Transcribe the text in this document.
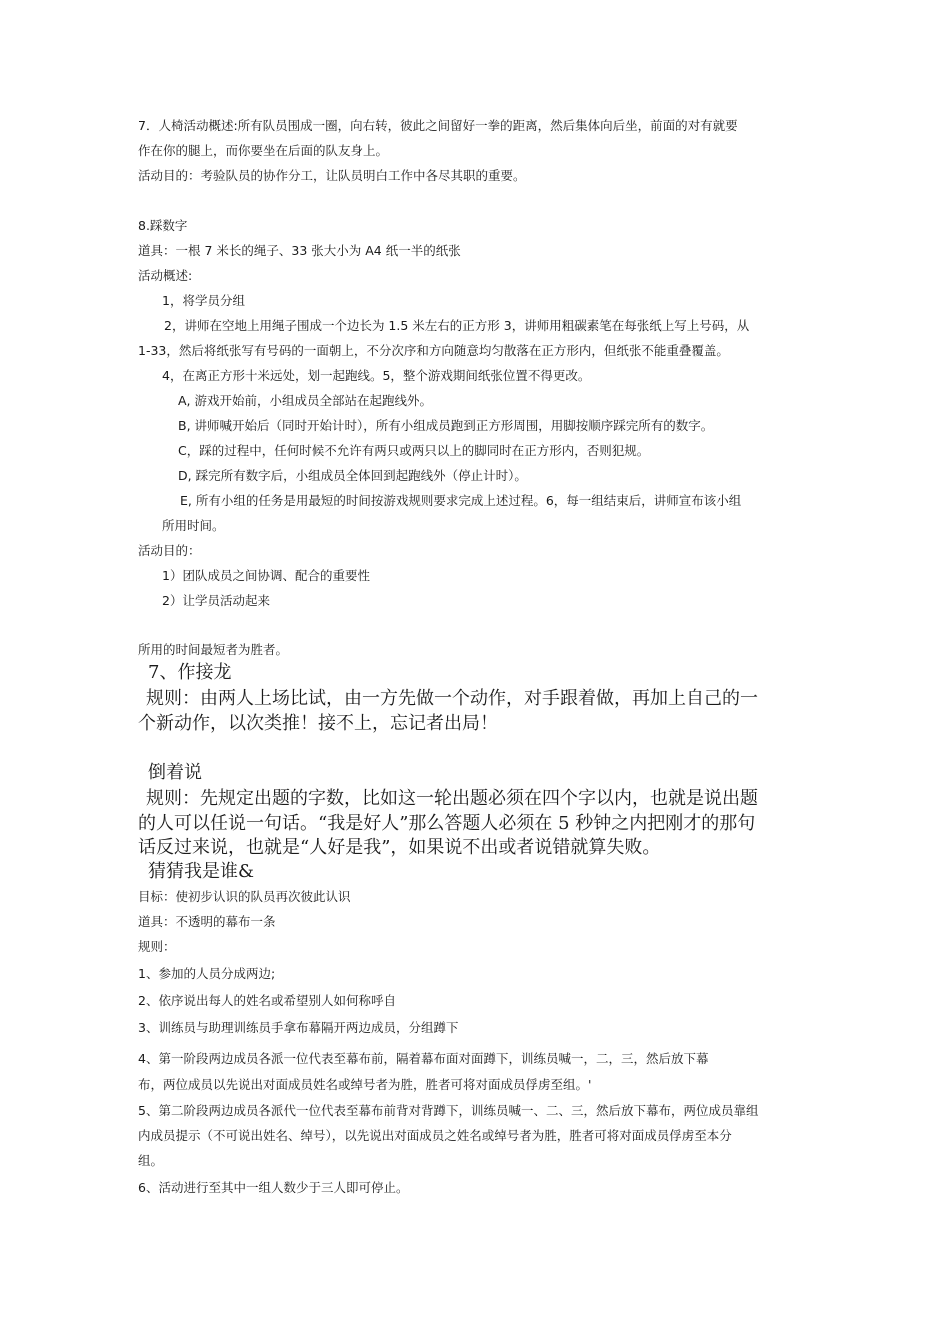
7．人椅活动概述:所有队员围成一圈，向右转，彼此之间留好一拳的距离，然后集体向后坐，前面的对有就要
作在你的腿上，而你要坐在后面的队友身上。
活动目的：考验队员的协作分工，让队员明白工作中各尽其职的重要。
8.踩数字
道具：一根 7 米长的绳子、33 张大小为 A4 纸一半的纸张
活动概述:
1，将学员分组
2，讲师在空地上用绳子围成一个边长为 1.5 米左右的正方形 3，讲师用粗碳素笔在每张纸上写上号码，从
1-33，然后将纸张写有号码的一面朝上，不分次序和方向随意均匀散落在正方形内，但纸张不能重叠覆盖。
4，在离正方形十米远处，划一起跑线。5，整个游戏期间纸张位置不得更改。
A, 游戏开始前，小组成员全部站在起跑线外。
B, 讲师喊开始后（同时开始计时），所有小组成员跑到正方形周围，用脚按顺序踩完所有的数字。
C，踩的过程中，任何时候不允许有两只或两只以上的脚同时在正方形内，否则犯规。
D, 踩完所有数字后，小组成员全体回到起跑线外（停止计时）。
E, 所有小组的任务是用最短的时间按游戏规则要求完成上述过程。6，每一组结束后，讲师宣布该小组
所用时间。
活动目的：
1）团队成员之间协调、配合的重要性
2）让学员活动起来
所用的时间最短者为胜者。
7、作接龙
规则：由两人上场比试，由一方先做一个动作，对手跟着做，再加上自己的一
个新动作，以次类推！接不上，忘记者出局！
倒着说
规则：先规定出题的字数，比如这一轮出题必须在四个字以内，也就是说出题
的人可以任说一句话。“我是好人”那么答题人必须在 5 秒钟之内把刚才的那句
话反过来说，也就是“人好是我”，如果说不出或者说错就算失败。
猜猜我是谁&
目标：使初步认识的队员再次彼此认识
道具：不透明的幕布一条
规则：
1、参加的人员分成两边;
2、依序说出每人的姓名或希望别人如何称呼自
3、训练员与助理训练员手拿布幕隔开两边成员，分组蹲下
4、第一阶段两边成员各派一位代表至幕布前，隔着幕布面对面蹲下，训练员喊一，二，三，然后放下幕
布，两位成员以先说出对面成员姓名或绰号者为胜，胜者可将对面成员俘虏至组。'
5、第二阶段两边成员各派代一位代表至幕布前背对背蹲下，训练员喊一、二、三，然后放下幕布，两位成员靠组
内成员提示（不可说出姓名、绰号），以先说出对面成员之姓名或绰号者为胜，胜者可将对面成员俘虏至本分
组。
6、活动进行至其中一组人数少于三人即可停止。
